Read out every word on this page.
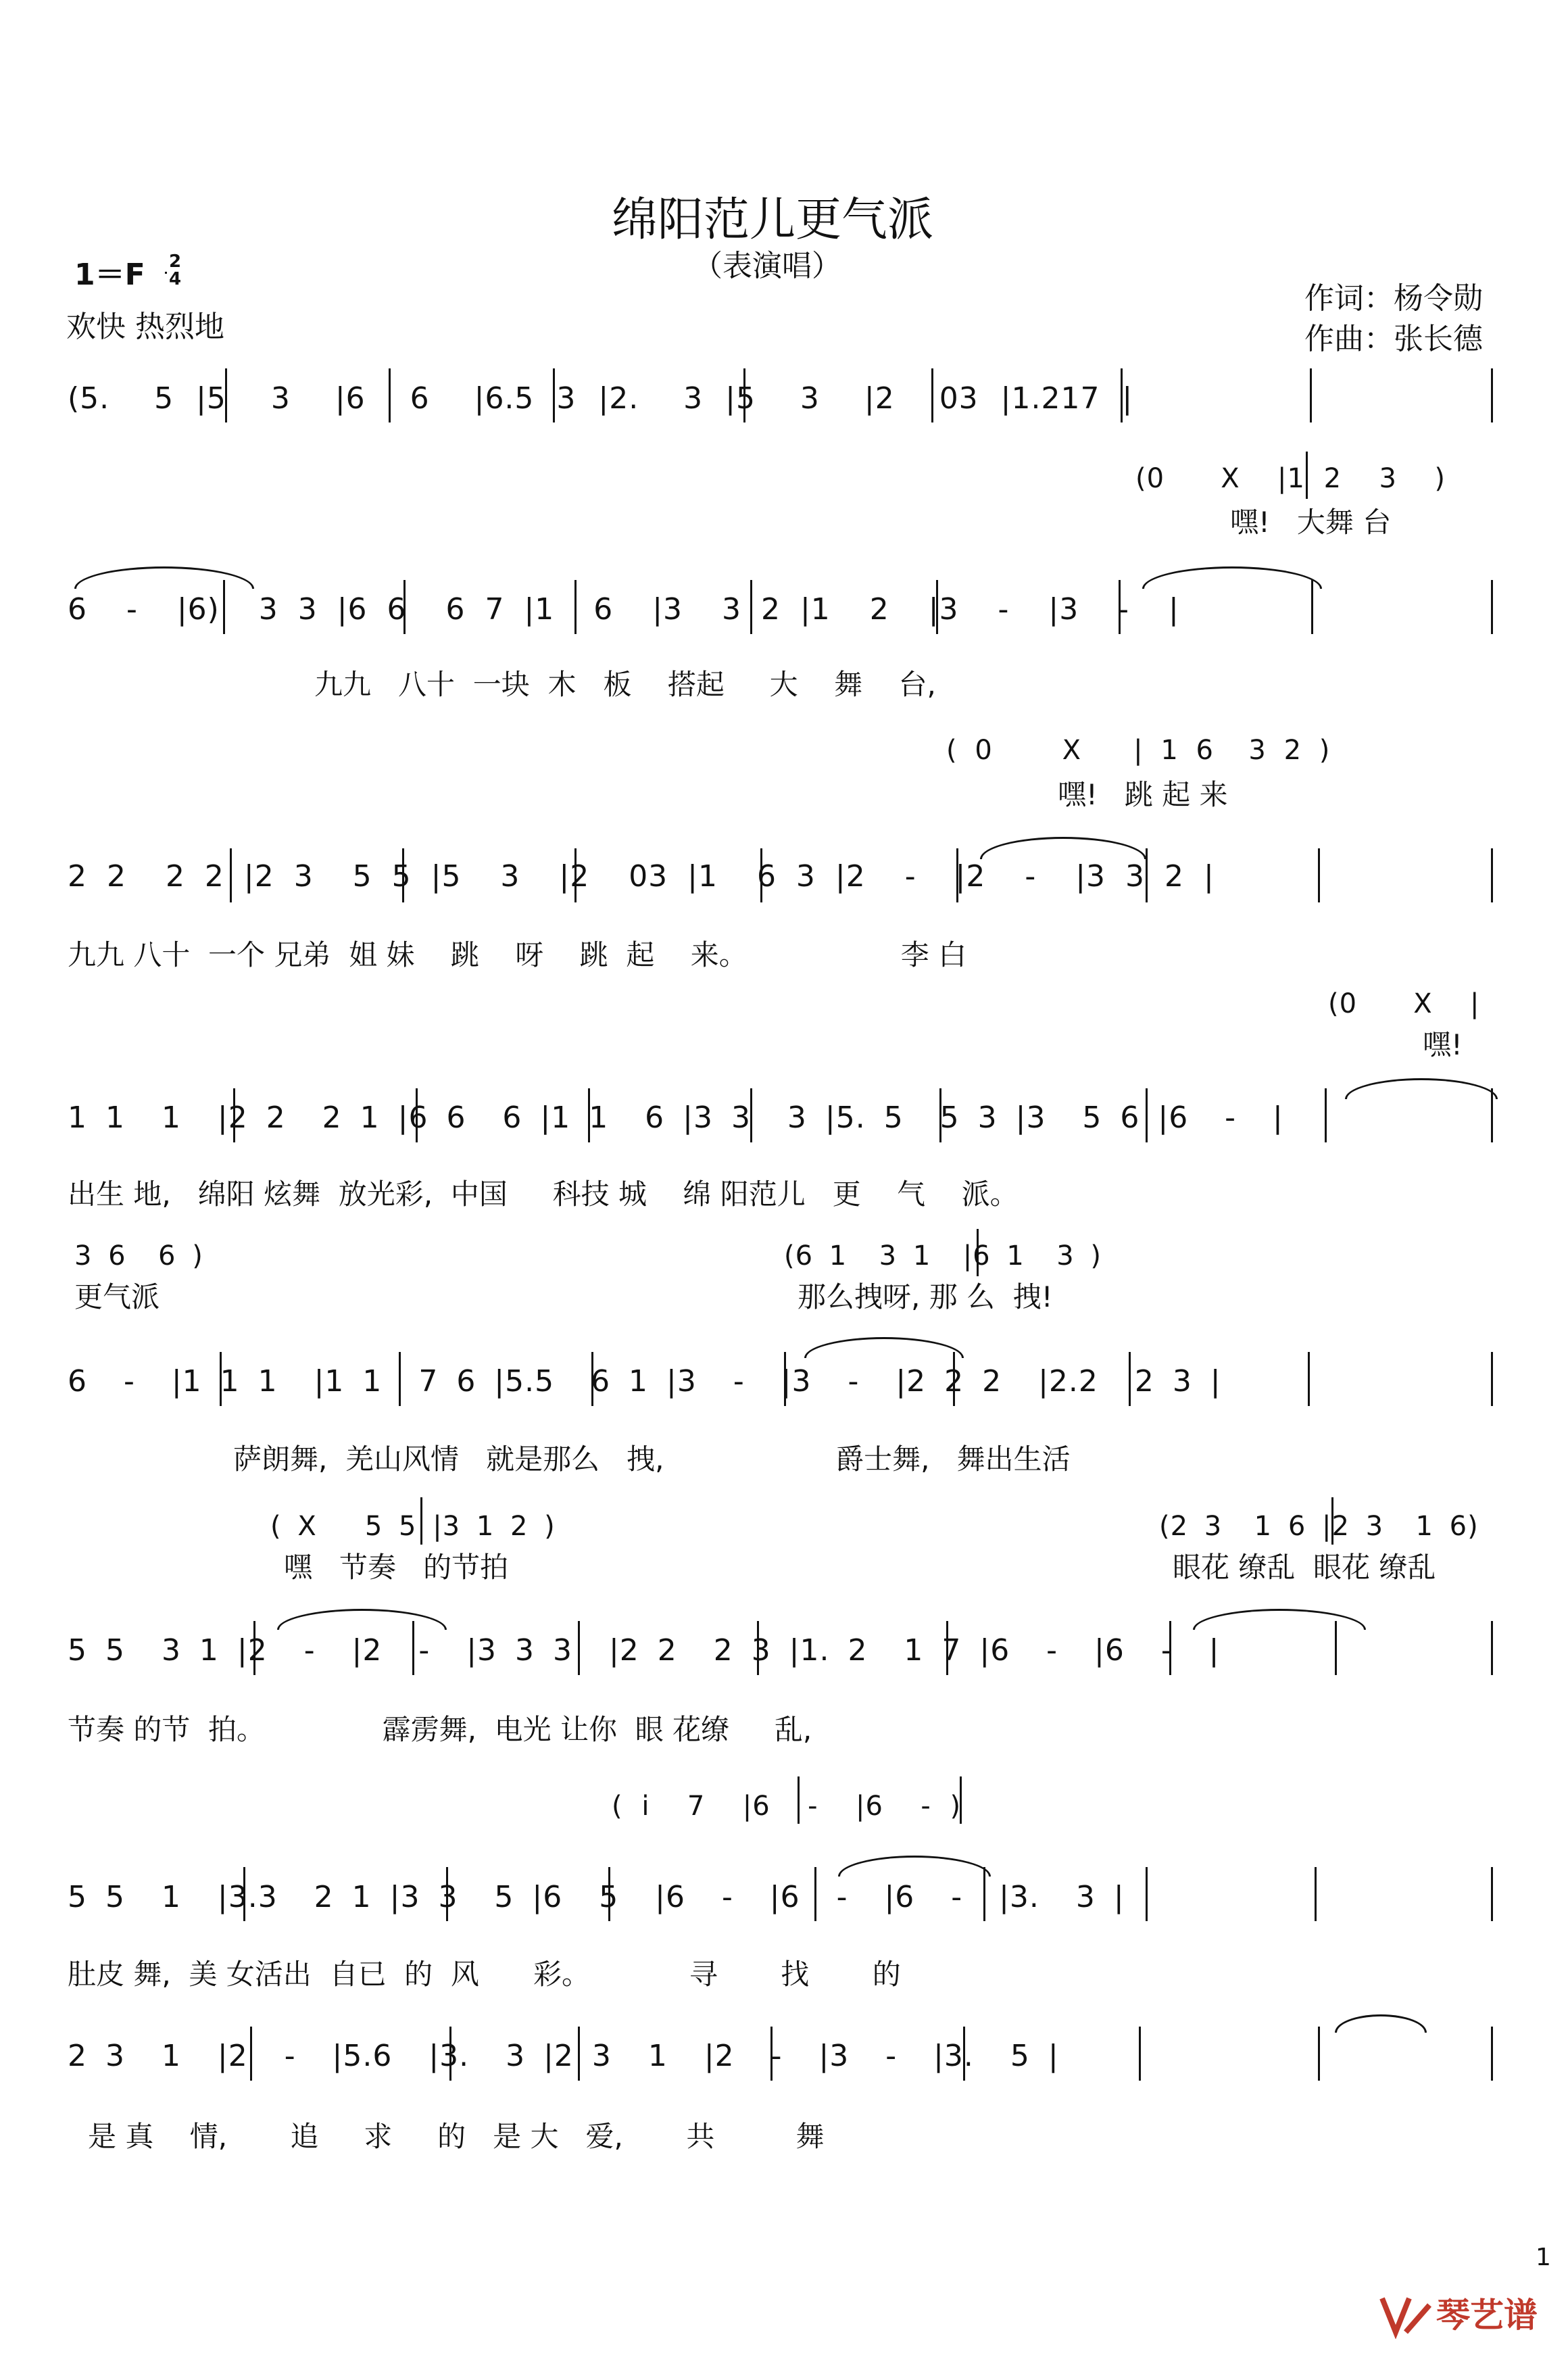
绵阳范儿更气派
（表演唱）
1＝F 2
4
欢快 热烈地
作词：杨令勋
作曲：张长德
(5.  5 |5  3  |6  6  |6.5 3 |2.  3 |5  3  |2  03 |1.217 |
(0   X  |1 2  3  )
嘿!   大舞 台
6  -  |6)  3 3 |6 6  6 7 |1  6  |3  3 2 |1  2  |3  -  |3  -  |
九九   八十  一块  木   板    搭起     大    舞    台,
( 0    X   | 1 6  3 2 )
嘿!   跳 起 来
2 2  2 2 |2 3  5 5 |5  3  |2  03 |1  6 3 |2  -  |2  -  |3 3 2 |
九九 八十  一个 兄弟  姐 妹    跳    呀    跳  起    来。                 李 白
(0   X  |
嘿!
1 1  1  |2 2  2 1 |6 6  6 |1 1  6 |3 3  3 |5. 5  5 3 |3  5 6 |6  -  |
出生 地,   绵阳 炫舞  放光彩,  中国     科技 城    绵 阳范儿   更    气    派。
3 6  6 )
更气派
(6 1  3 1  |6 1  3 )
那么拽呀, 那 么  拽!
6  -  |1 1 1  |1 1  7 6 |5.5  6 1 |3  -  |3  -  |2 2 2  |2.2  2 3 |
萨朗舞,  羌山风情   就是那么   拽,                   爵士舞,   舞出生活
( X   5 5 |3 1 2 )
嘿   节奏   的节拍
(2 3  1 6 |2 3  1 6)
眼花 缭乱  眼花 缭乱
5 5  3 1 |2  -  |2  -  |3 3 3  |2 2  2 3 |1. 2  1 7 |6  -  |6  -  |
节奏 的节  拍。             霹雳舞,  电光 让你  眼 花缭     乱,
( i  7  |6  -  |6  - )
5 5  1  |3.3  2 1 |3 3  5 |6  5  |6  -  |6  -  |6  -  |3.  3 |
肚皮 舞,  美 女活出  自已  的  风      彩。           寻       找       的
2 3  1  |2  -  |5.6  |3.  3 |2 3  1  |2  -  |3  -  |3.  5 |
是 真    情,       追     求     的   是 大   爱,       共         舞
1
琴艺谱
